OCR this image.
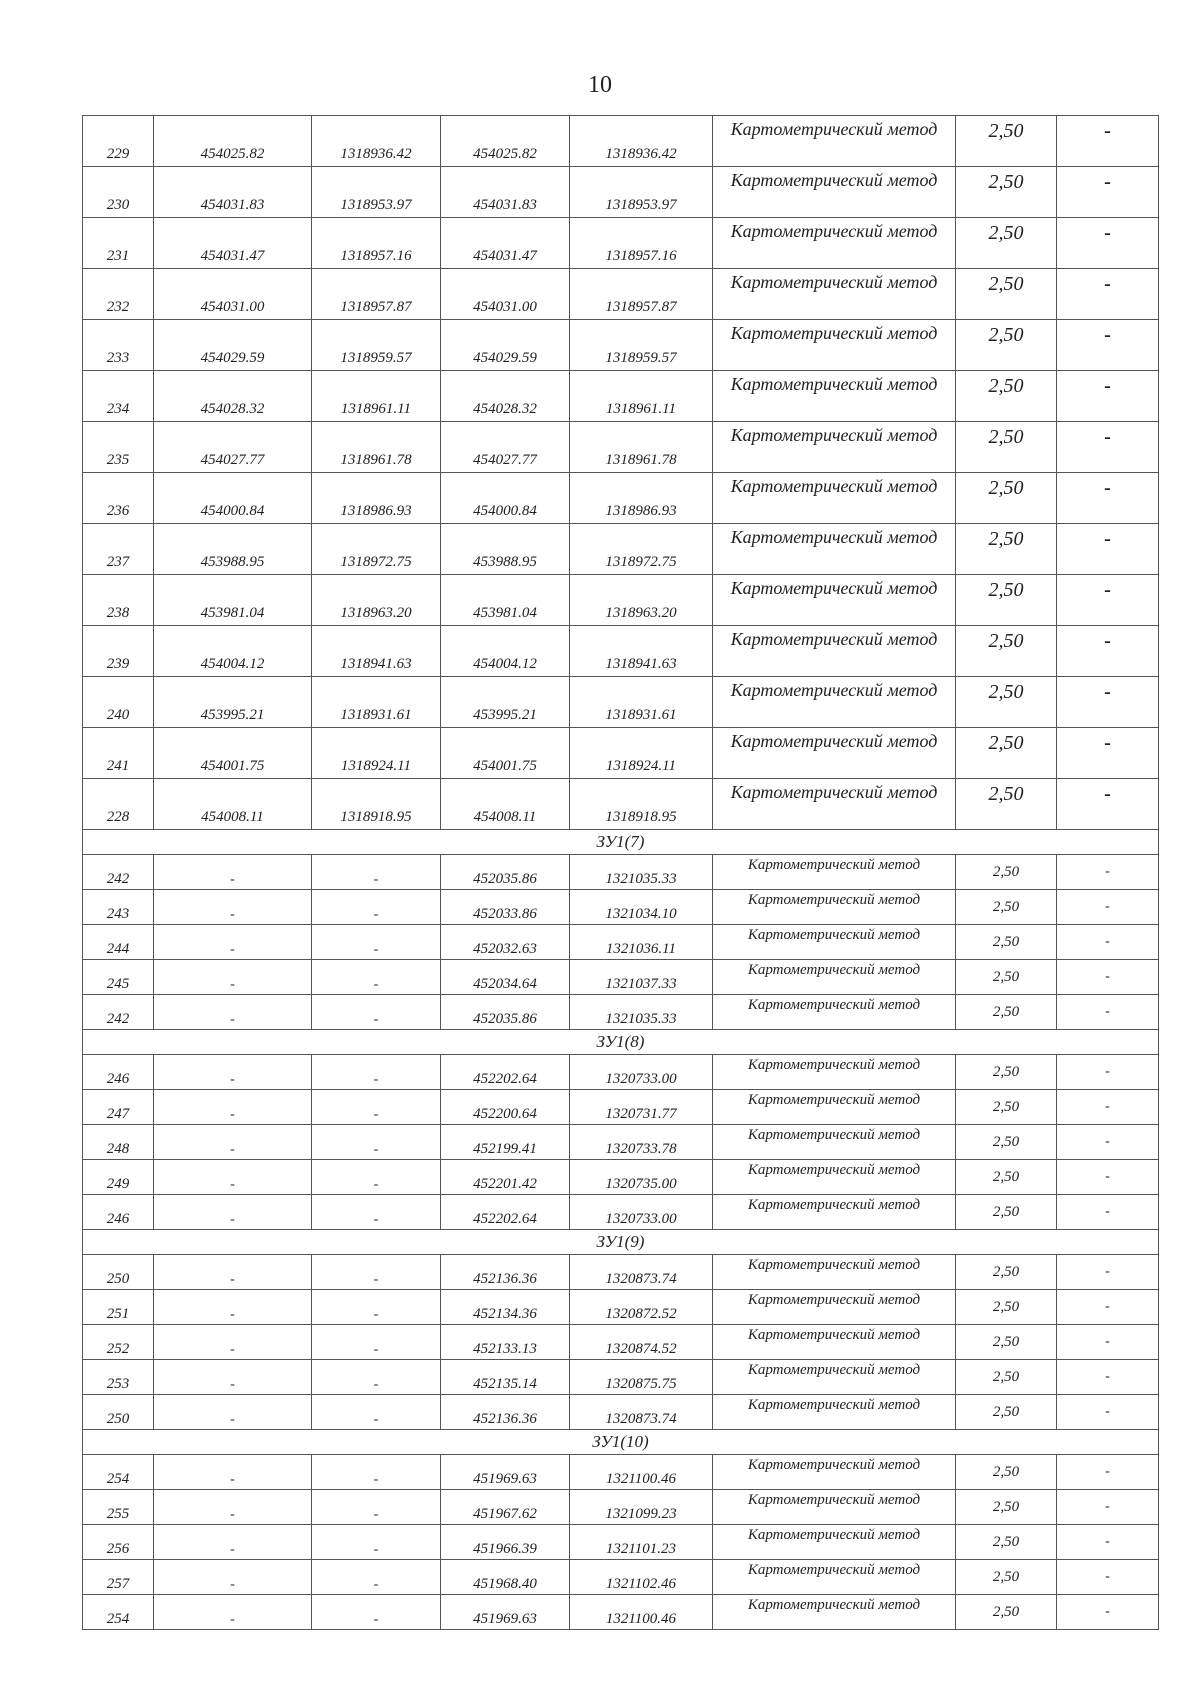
10
229	454025.82	1318936.42	454025.82	1318936.42	Картометрический метод	2,50	-
230	454031.83	1318953.97	454031.83	1318953.97	Картометрический метод	2,50	-
231	454031.47	1318957.16	454031.47	1318957.16	Картометрический метод	2,50	-
232	454031.00	1318957.87	454031.00	1318957.87	Картометрический метод	2,50	-
233	454029.59	1318959.57	454029.59	1318959.57	Картометрический метод	2,50	-
234	454028.32	1318961.11	454028.32	1318961.11	Картометрический метод	2,50	-
235	454027.77	1318961.78	454027.77	1318961.78	Картометрический метод	2,50	-
236	454000.84	1318986.93	454000.84	1318986.93	Картометрический метод	2,50	-
237	453988.95	1318972.75	453988.95	1318972.75	Картометрический метод	2,50	-
238	453981.04	1318963.20	453981.04	1318963.20	Картометрический метод	2,50	-
239	454004.12	1318941.63	454004.12	1318941.63	Картометрический метод	2,50	-
240	453995.21	1318931.61	453995.21	1318931.61	Картометрический метод	2,50	-
241	454001.75	1318924.11	454001.75	1318924.11	Картометрический метод	2,50	-
228	454008.11	1318918.95	454008.11	1318918.95	Картометрический метод	2,50	-
ЗУ1(7)							
242	-	-	452035.86	1321035.33	Картометрический метод	2,50	-
243	-	-	452033.86	1321034.10	Картометрический метод	2,50	-
244	-	-	452032.63	1321036.11	Картометрический метод	2,50	-
245	-	-	452034.64	1321037.33	Картометрический метод	2,50	-
242	-	-	452035.86	1321035.33	Картометрический метод	2,50	-
ЗУ1(8)							
246	-	-	452202.64	1320733.00	Картометрический метод	2,50	-
247	-	-	452200.64	1320731.77	Картометрический метод	2,50	-
248	-	-	452199.41	1320733.78	Картометрический метод	2,50	-
249	-	-	452201.42	1320735.00	Картометрический метод	2,50	-
246	-	-	452202.64	1320733.00	Картометрический метод	2,50	-
ЗУ1(9)							
250	-	-	452136.36	1320873.74	Картометрический метод	2,50	-
251	-	-	452134.36	1320872.52	Картометрический метод	2,50	-
252	-	-	452133.13	1320874.52	Картометрический метод	2,50	-
253	-	-	452135.14	1320875.75	Картометрический метод	2,50	-
250	-	-	452136.36	1320873.74	Картометрический метод	2,50	-
ЗУ1(10)							
254	-	-	451969.63	1321100.46	Картометрический метод	2,50	-
255	-	-	451967.62	1321099.23	Картометрический метод	2,50	-
256	-	-	451966.39	1321101.23	Картометрический метод	2,50	-
257	-	-	451968.40	1321102.46	Картометрический метод	2,50	-
254	-	-	451969.63	1321100.46	Картометрический метод	2,50	-
